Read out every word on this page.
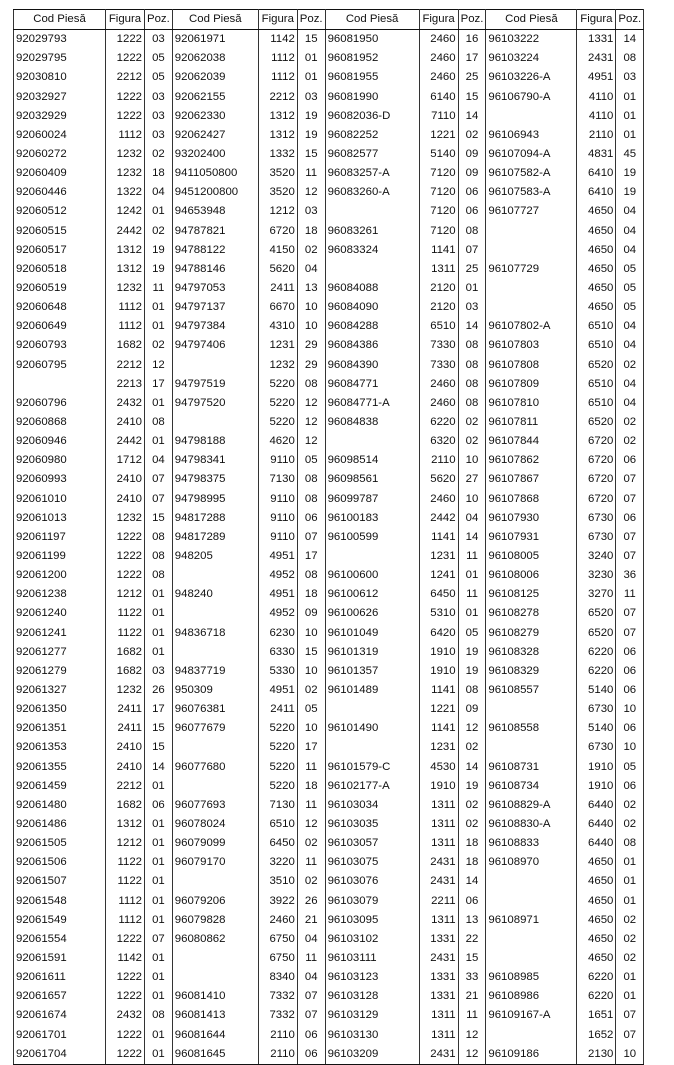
Cod Piesă	Figura	Poz.	Cod Piesă	Figura	Poz.	Cod Piesă	Figura	Poz.	Cod Piesă	Figura	Poz.
92029793	1222	03	92061971	1142	15	96081950	2460	16	96103222	1331	14
92029795	1222	05	92062038	1112	01	96081952	2460	17	96103224	2431	08
92030810	2212	05	92062039	1112	01	96081955	2460	25	96103226-A	4951	03
92032927	1222	03	92062155	2212	03	96081990	6140	15	96106790-A	4110	01
92032929	1222	03	92062330	1312	19	96082036-D	7110	14		4110	01
92060024	1112	03	92062427	1312	19	96082252	1221	02	96106943	2110	01
92060272	1232	02	93202400	1332	15	96082577	5140	09	96107094-A	4831	45
92060409	1232	18	9411050800	3520	11	96083257-A	7120	09	96107582-A	6410	19
92060446	1322	04	9451200800	3520	12	96083260-A	7120	06	96107583-A	6410	19
92060512	1242	01	94653948	1212	03		7120	06	96107727	4650	04
92060515	2442	02	94787821	6720	18	96083261	7120	08		4650	04
92060517	1312	19	94788122	4150	02	96083324	1141	07		4650	04
92060518	1312	19	94788146	5620	04		1311	25	96107729	4650	05
92060519	1232	11	94797053	2411	13	96084088	2120	01		4650	05
92060648	1112	01	94797137	6670	10	96084090	2120	03		4650	05
92060649	1112	01	94797384	4310	10	96084288	6510	14	96107802-A	6510	04
92060793	1682	02	94797406	1231	29	96084386	7330	08	96107803	6510	04
92060795	2212	12		1232	29	96084390	7330	08	96107808	6520	02
	2213	17	94797519	5220	08	96084771	2460	08	96107809	6510	04
92060796	2432	01	94797520	5220	12	96084771-A	2460	08	96107810	6510	04
92060868	2410	08		5220	12	96084838	6220	02	96107811	6520	02
92060946	2442	01	94798188	4620	12		6320	02	96107844	6720	02
92060980	1712	04	94798341	9110	05	96098514	2110	10	96107862	6720	06
92060993	2410	07	94798375	7130	08	96098561	5620	27	96107867	6720	07
92061010	2410	07	94798995	9110	08	96099787	2460	10	96107868	6720	07
92061013	1232	15	94817288	9110	06	96100183	2442	04	96107930	6730	06
92061197	1222	08	94817289	9110	07	96100599	1141	14	96107931	6730	07
92061199	1222	08	948205	4951	17		1231	11	96108005	3240	07
92061200	1222	08		4952	08	96100600	1241	01	96108006	3230	36
92061238	1212	01	948240	4951	18	96100612	6450	11	96108125	3270	11
92061240	1122	01		4952	09	96100626	5310	01	96108278	6520	07
92061241	1122	01	94836718	6230	10	96101049	6420	05	96108279	6520	07
92061277	1682	01		6330	15	96101319	1910	19	96108328	6220	06
92061279	1682	03	94837719	5330	10	96101357	1910	19	96108329	6220	06
92061327	1232	26	950309	4951	02	96101489	1141	08	96108557	5140	06
92061350	2411	17	96076381	2411	05		1221	09		6730	10
92061351	2411	15	96077679	5220	10	96101490	1141	12	96108558	5140	06
92061353	2410	15		5220	17		1231	02		6730	10
92061355	2410	14	96077680	5220	11	96101579-C	4530	14	96108731	1910	05
92061459	2212	01		5220	18	96102177-A	1910	19	96108734	1910	06
92061480	1682	06	96077693	7130	11	96103034	1311	02	96108829-A	6440	02
92061486	1312	01	96078024	6510	12	96103035	1311	02	96108830-A	6440	02
92061505	1212	01	96079099	6450	02	96103057	1311	18	96108833	6440	08
92061506	1122	01	96079170	3220	11	96103075	2431	18	96108970	4650	01
92061507	1122	01		3510	02	96103076	2431	14		4650	01
92061548	1112	01	96079206	3922	26	96103079	2211	06		4650	01
92061549	1112	01	96079828	2460	21	96103095	1311	13	96108971	4650	02
92061554	1222	07	96080862	6750	04	96103102	1331	22		4650	02
92061591	1142	01		6750	11	96103111	2431	15		4650	02
92061611	1222	01		8340	04	96103123	1331	33	96108985	6220	01
92061657	1222	01	96081410	7332	07	96103128	1331	21	96108986	6220	01
92061674	2432	08	96081413	7332	07	96103129	1311	11	96109167-A	1651	07
92061701	1222	01	96081644	2110	06	96103130	1311	12		1652	07
92061704	1222	01	96081645	2110	06	96103209	2431	12	96109186	2130	10
